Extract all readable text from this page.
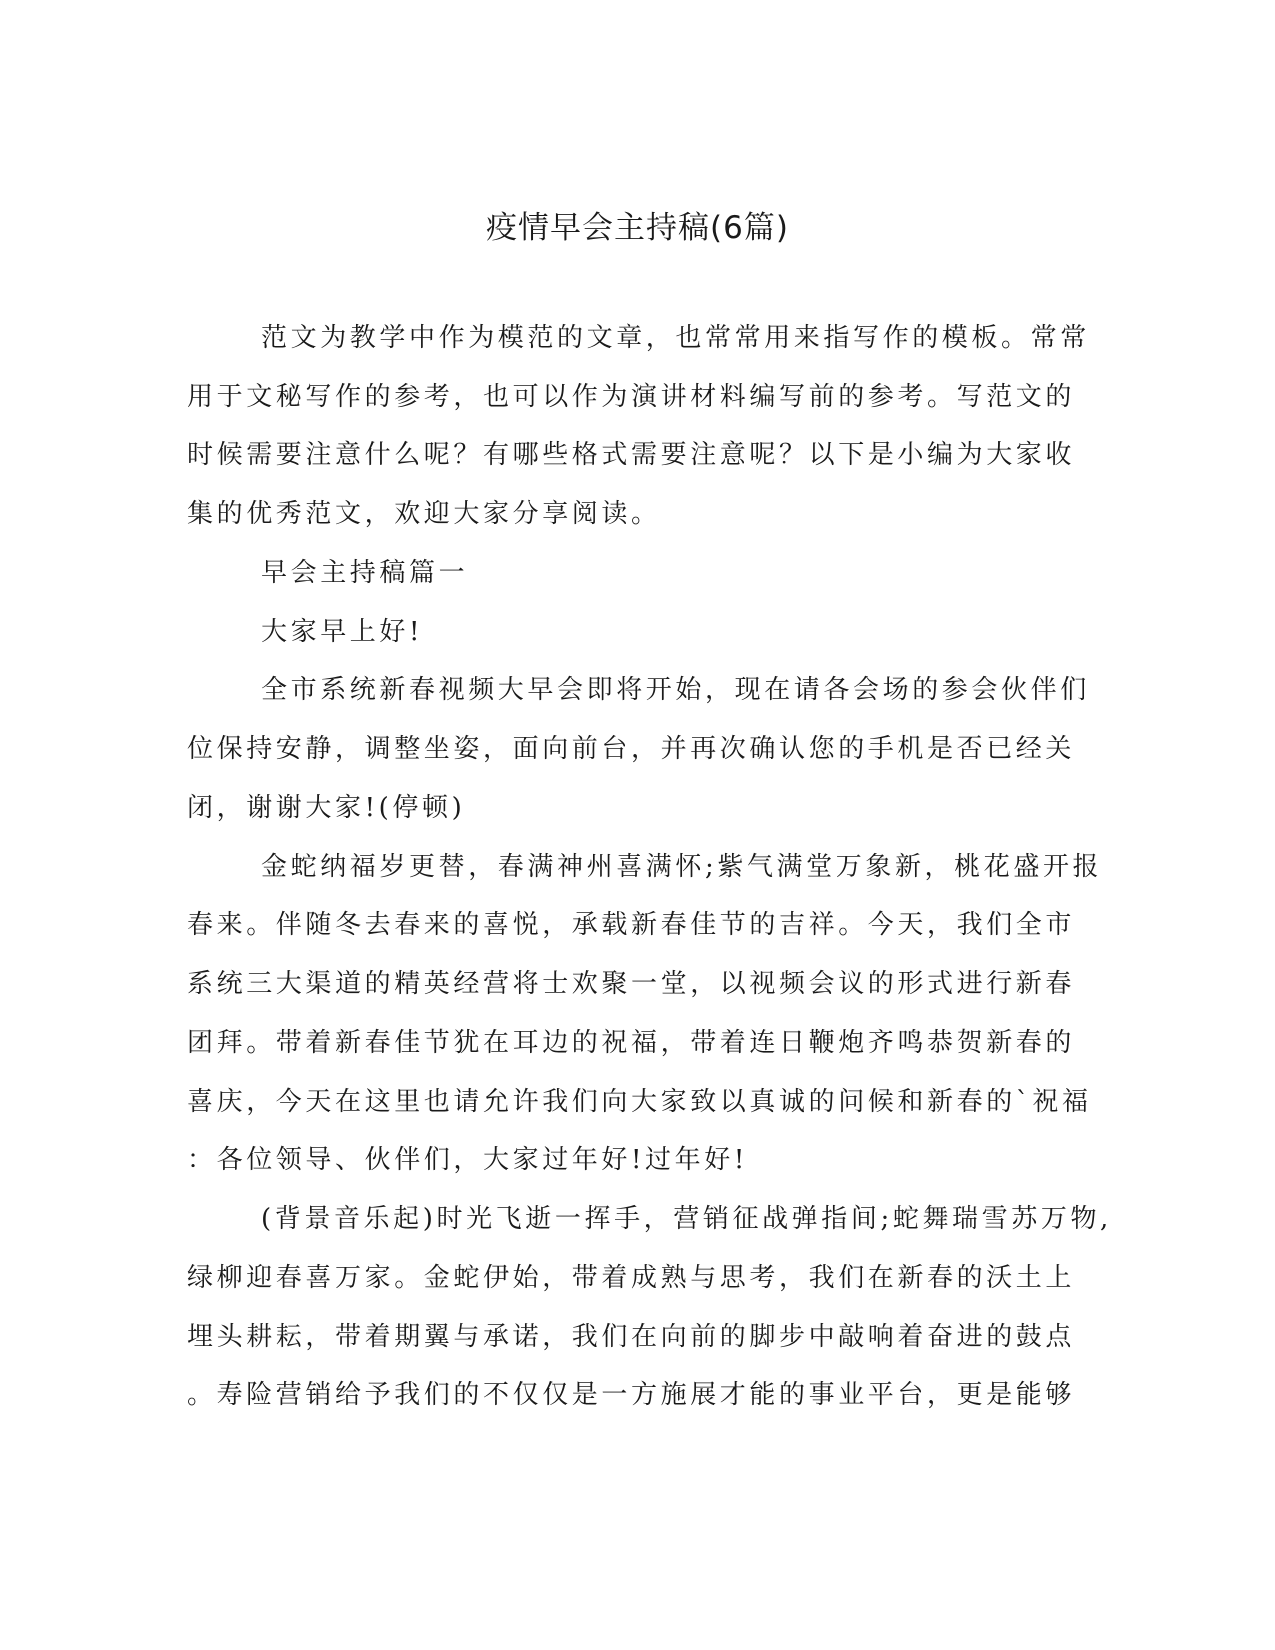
疫情早会主持稿(6篇)
范文为教学中作为模范的文章，也常常用来指写作的模板。常常
用于文秘写作的参考，也可以作为演讲材料编写前的参考。写范文的
时候需要注意什么呢？有哪些格式需要注意呢？以下是小编为大家收
集的优秀范文，欢迎大家分享阅读。
早会主持稿篇一
大家早上好!
全市系统新春视频大早会即将开始，现在请各会场的参会伙伴们
位保持安静，调整坐姿，面向前台，并再次确认您的手机是否已经关
闭，谢谢大家!(停顿)
金蛇纳福岁更替，春满神州喜满怀;紫气满堂万象新，桃花盛开报
春来。伴随冬去春来的喜悦，承载新春佳节的吉祥。今天，我们全市
系统三大渠道的精英经营将士欢聚一堂，以视频会议的形式进行新春
团拜。带着新春佳节犹在耳边的祝福，带着连日鞭炮齐鸣恭贺新春的
喜庆，今天在这里也请允许我们向大家致以真诚的问候和新春的`祝福
：各位领导、伙伴们，大家过年好!过年好!
(背景音乐起)时光飞逝一挥手，营销征战弹指间;蛇舞瑞雪苏万物,
绿柳迎春喜万家。金蛇伊始，带着成熟与思考，我们在新春的沃土上
埋头耕耘，带着期翼与承诺，我们在向前的脚步中敲响着奋进的鼓点
。寿险营销给予我们的不仅仅是一方施展才能的事业平台，更是能够
